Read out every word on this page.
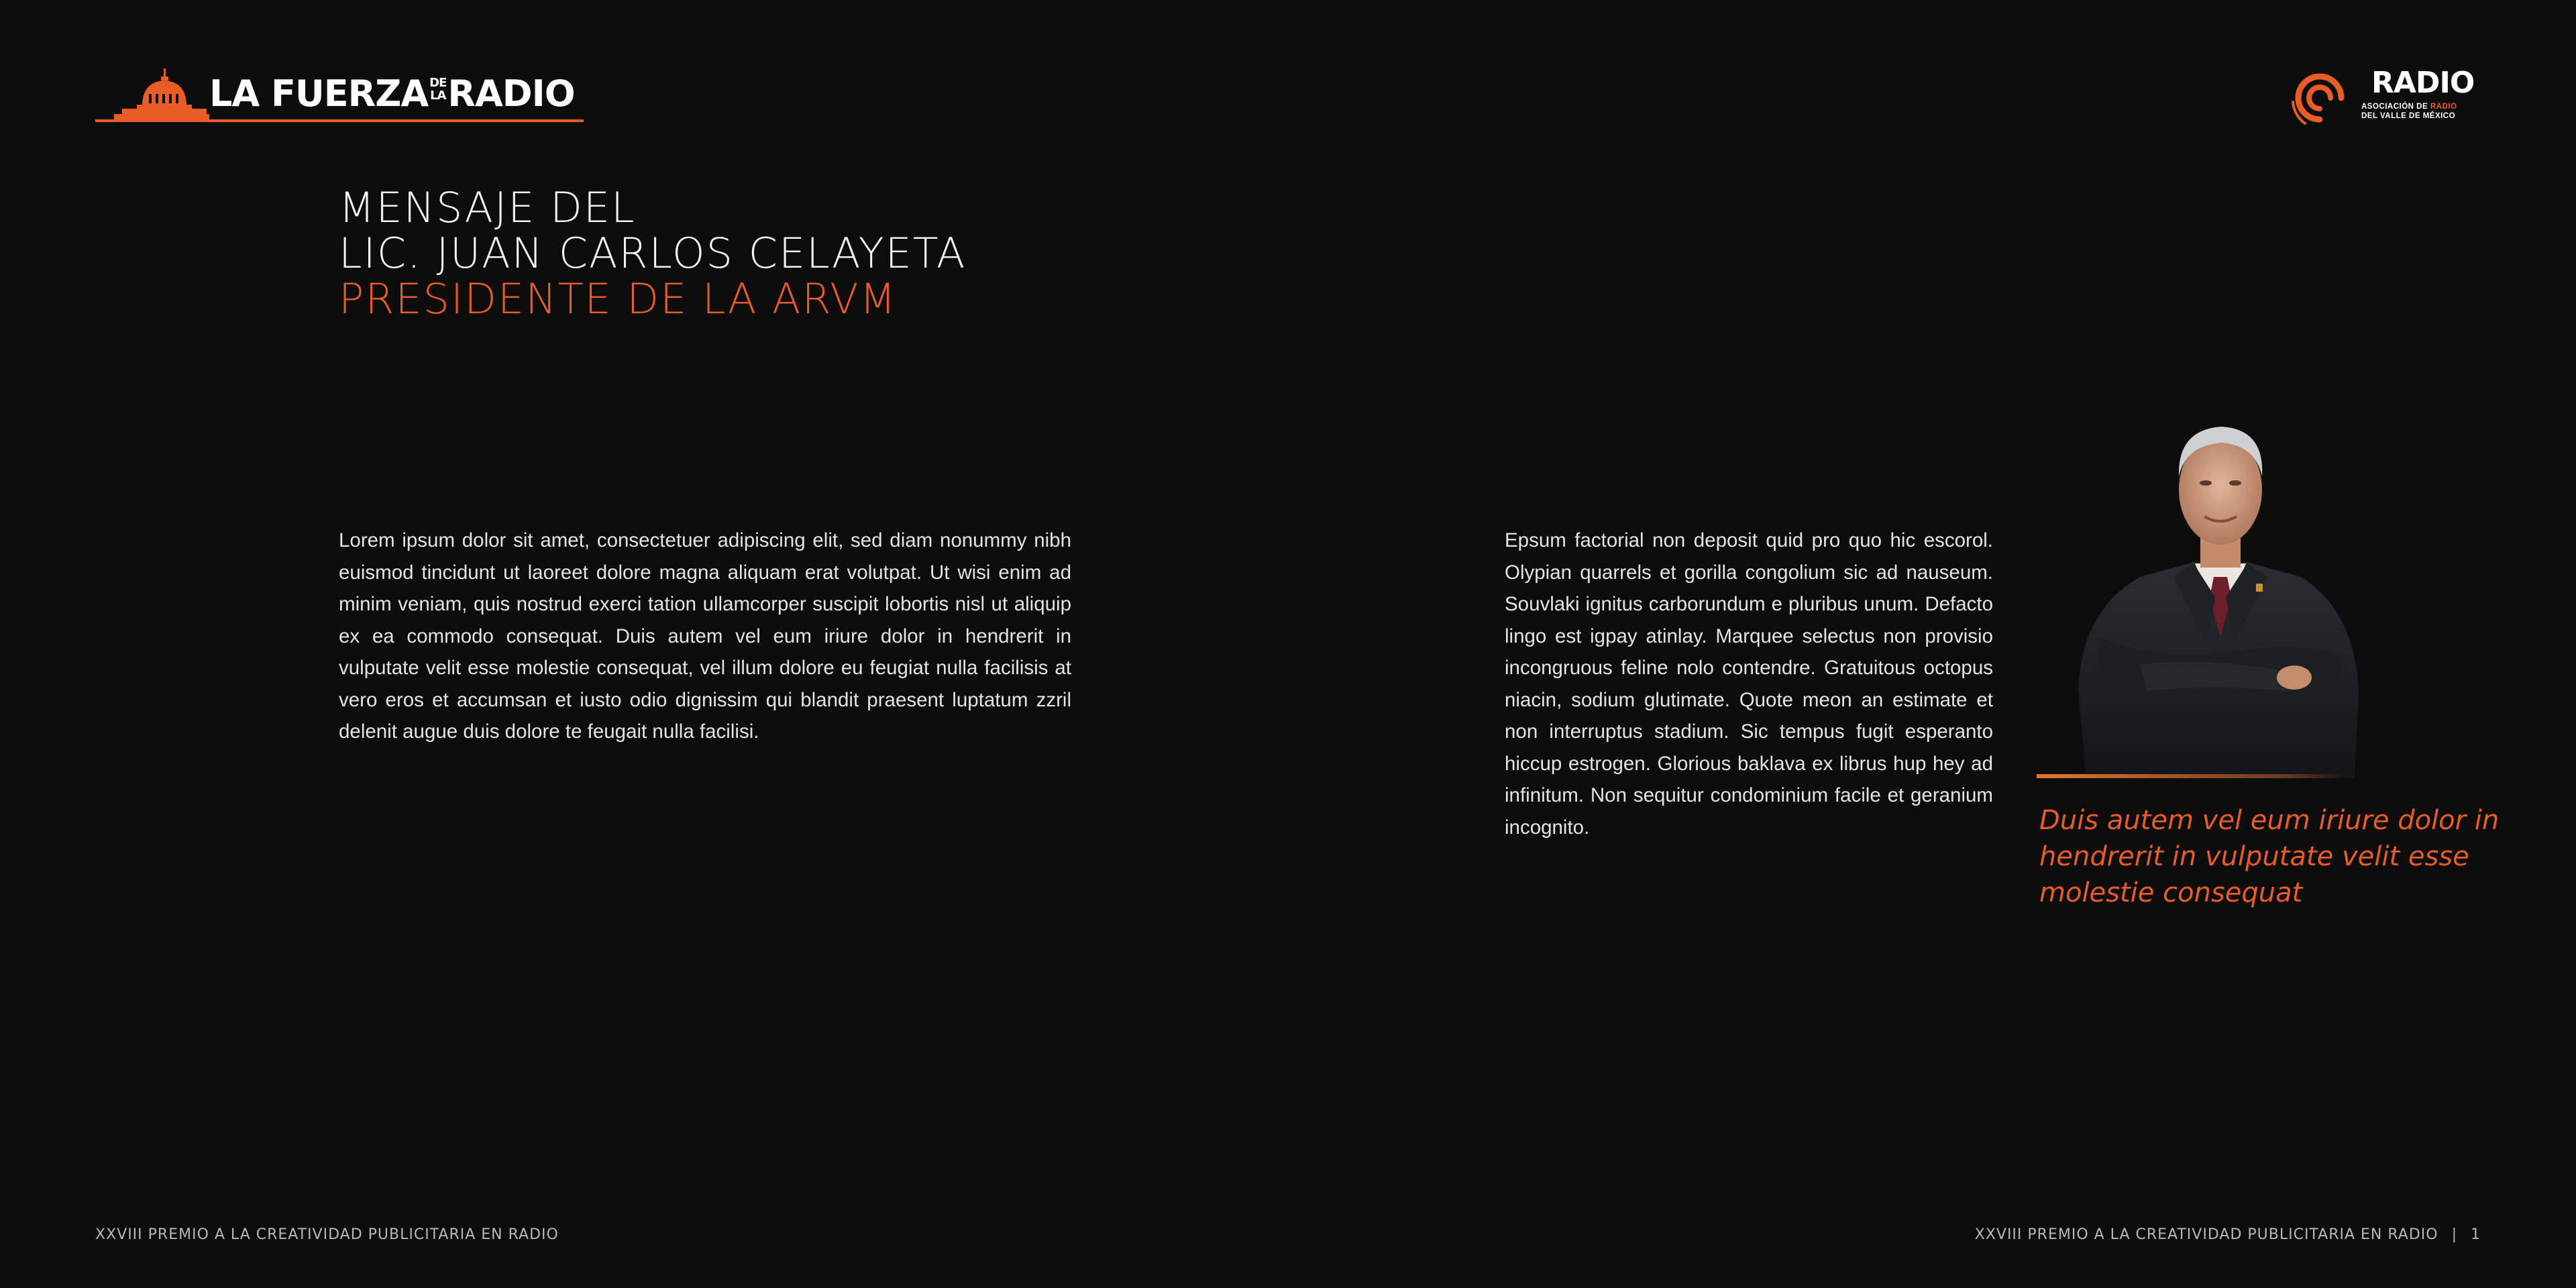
LA FUERZA DE
LA RADIO	RADIO
ASOCIACIÓN DE RADIO
DEL VALLE DE MÉXICO
MENSAJE DEL
LIC. JUAN CARLOS CELAYETA
PRESIDENTE DE LA ARVM
Lorem ipsum dolor sit amet, consectetuer adipiscing elit, sed diam nonummy nibh euismod tincidunt ut laoreet dolore magna aliquam erat volutpat. Ut wisi enim ad minim veniam, quis nostrud exerci tation ullamcorper suscipit lobortis nisl ut aliquip ex ea commodo consequat. Duis autem vel eum iriure dolor in hendrerit in vulputate velit esse molestie consequat, vel illum dolore eu feugiat nulla facilisis at vero eros et accumsan et iusto odio dignissim qui blandit praesent luptatum zzril delenit augue duis dolore te feugait nulla facilisi.
Epsum factorial non deposit quid pro quo hic escorol. Olypian quarrels et gorilla congolium sic ad nauseum. Souvlaki ignitus carborundum e pluribus unum. Defacto lingo est igpay atinlay. Marquee selectus non provisio incongruous feline nolo contendre. Gratuitous octopus niacin, sodium glutimate. Quote meon an estimate et non interruptus stadium. Sic tempus fugit esperanto hiccup estrogen. Glorious baklava ex librus hup hey ad infinitum. Non sequitur condominium facile et geranium incognito.	Duis autem vel eum iriure dolor in hendrerit in vulputate velit esse molestie consequat
XXVIII PREMIO A LA CREATIVIDAD PUBLICITARIA EN RADIO	XXVIII PREMIO A LA CREATIVIDAD PUBLICITARIA EN RADIO | 1
